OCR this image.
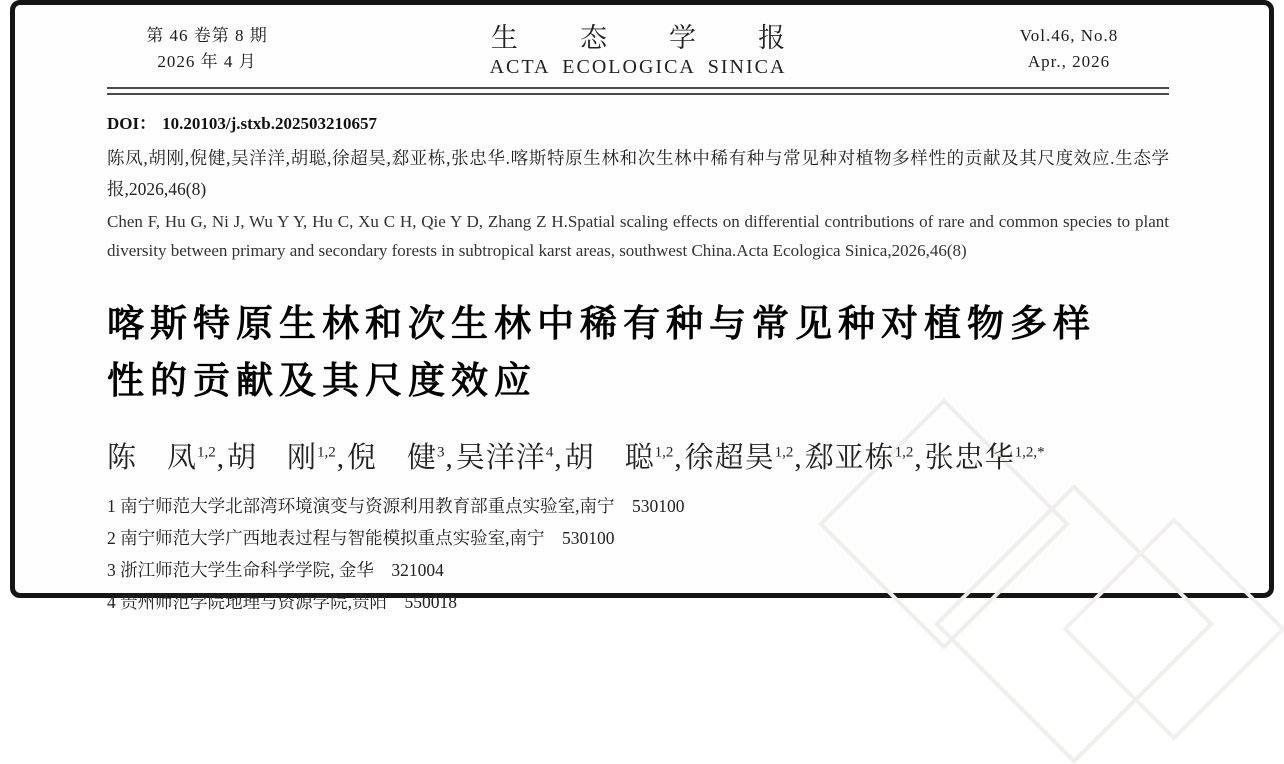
第 46 卷第 8 期
2026 年 4 月
生态学报
ACTA ECOLOGICA SINICA
Vol.46, No.8
Apr., 2026
DOI： 10.20103/j.stxb.202503210657
陈凤,胡刚,倪健,吴洋洋,胡聪,徐超昊,郄亚栋,张忠华.喀斯特原生林和次生林中稀有种与常见种对植物多样性的贡献及其尺度效应.生态学报,2026,46(8)
Chen F, Hu G, Ni J, Wu Y Y, Hu C, Xu C H, Qie Y D, Zhang Z H.Spatial scaling effects on differential contributions of rare and common species to plant diversity between primary and secondary forests in subtropical karst areas, southwest China.Acta Ecologica Sinica,2026,46(8)
喀斯特原生林和次生林中稀有种与常见种对植物多样
性的贡献及其尺度效应
陈　凤$^{1,2}$,胡　刚$^{1,2}$,倪　健$^3$,吴洋洋$^4$,胡　聪$^{1,2}$,徐超昊$^{1,2}$,郄亚栋$^{1,2}$,张忠华$^{1,2,*}$
1 南宁师范大学北部湾环境演变与资源利用教育部重点实验室,南宁　530100
2 南宁师范大学广西地表过程与智能模拟重点实验室,南宁　530100
3 浙江师范大学生命科学学院, 金华　321004
4 贵州师范学院地理与资源学院,贵阳　550018
